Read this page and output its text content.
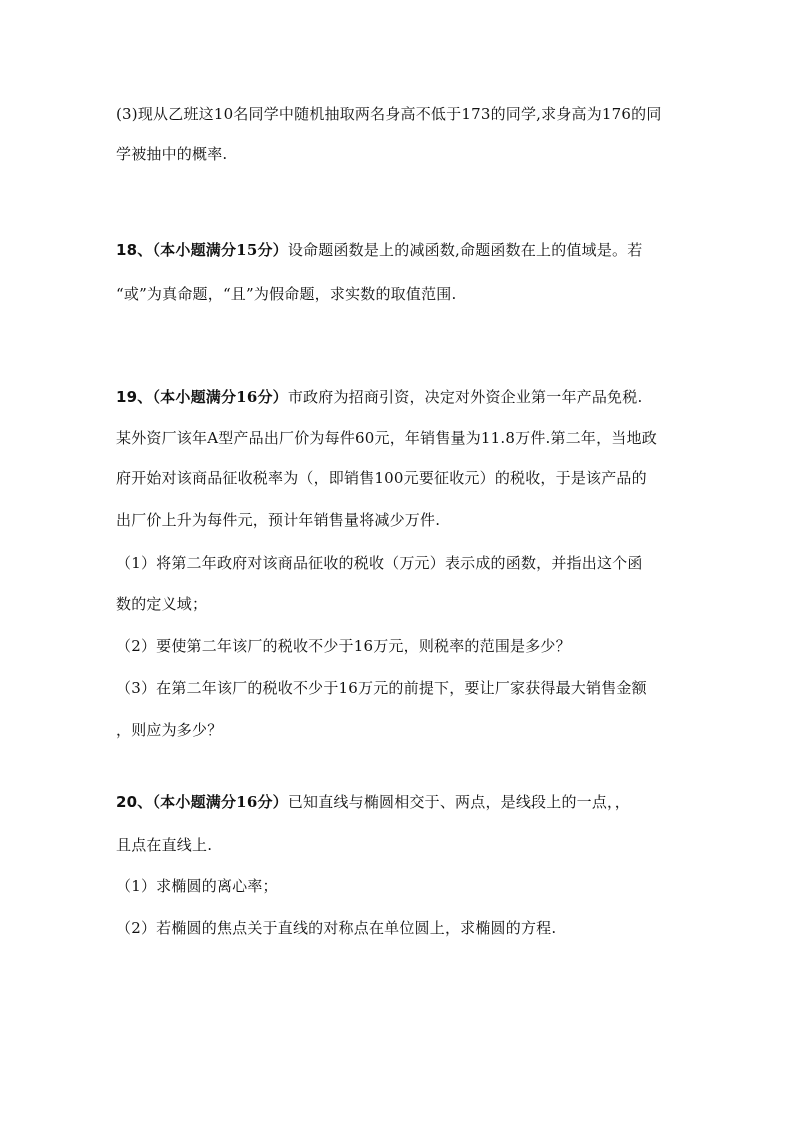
(3)现从乙班这10名同学中随机抽取两名身高不低于173的同学,求身高为176的同
学被抽中的概率.
18、（本小题满分15分）设命题函数是上的减函数,命题函数在上的值域是。若
“或”为真命题，“且”为假命题，求实数的取值范围.
19、（本小题满分16分）市政府为招商引资，决定对外资企业第一年产品免税.
某外资厂该年A型产品出厂价为每件60元，年销售量为11.8万件.第二年，当地政
府开始对该商品征收税率为（，即销售100元要征收元）的税收，于是该产品的
出厂价上升为每件元，预计年销售量将减少万件.
（1）将第二年政府对该商品征收的税收（万元）表示成的函数，并指出这个函
数的定义域；
（2）要使第二年该厂的税收不少于16万元，则税率的范围是多少？
（3）在第二年该厂的税收不少于16万元的前提下，要让厂家获得最大销售金额
，则应为多少？
20、（本小题满分16分）已知直线与椭圆相交于、两点，是线段上的一点，，
且点在直线上.
（1）求椭圆的离心率；
（2）若椭圆的焦点关于直线的对称点在单位圆上，求椭圆的方程.
